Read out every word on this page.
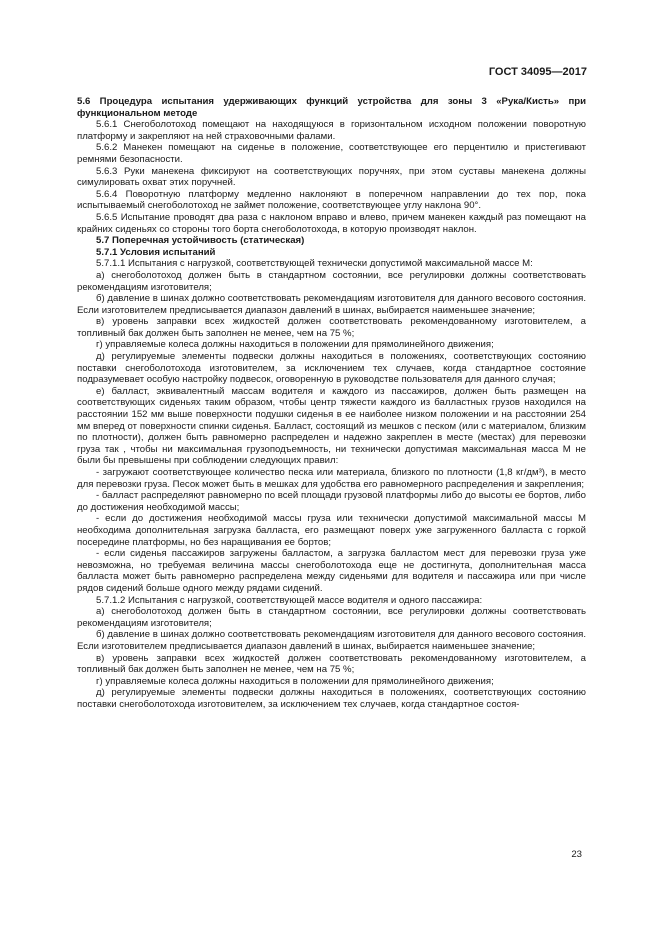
ГОСТ 34095—2017

5.6 Процедура испытания удерживающих функций устройства для зоны 3 «Рука/Кисть» при функциональном методе

5.6.1 Снегоболотоход помещают на находящуюся в горизонтальном исходном положении поворотную платформу и закрепляют на ней страховочными фалами.

5.6.2 Манекен помещают на сиденье в положение, соответствующее его перцентилю и пристегивают ремнями безопасности.

5.6.3 Руки манекена фиксируют на соответствующих поручнях, при этом суставы манекена должны симулировать охват этих поручней.

5.6.4 Поворотную платформу медленно наклоняют в поперечном направлении до тех пор, пока испытываемый снегоболотоход не займет положение, соответствующее углу наклона 90°.

5.6.5 Испытание проводят два раза с наклоном вправо и влево, причем манекен каждый раз помещают на крайних сиденьях со стороны того борта снегоболотохода, в которую производят наклон.

5.7 Поперечная устойчивость (статическая)

5.7.1 Условия испытаний

5.7.1.1 Испытания с нагрузкой, соответствующей технически допустимой максимальной массе М:

а) снегоболотоход должен быть в стандартном состоянии, все регулировки должны соответствовать рекомендациям изготовителя;

б) давление в шинах должно соответствовать рекомендациям изготовителя для данного весового состояния. Если изготовителем предписывается диапазон давлений в шинах, выбирается наименьшее значение;

в) уровень заправки всех жидкостей должен соответствовать рекомендованному изготовителем, а топливный бак должен быть заполнен не менее, чем на 75 %;

г) управляемые колеса должны находиться в положении для прямолинейного движения;

д) регулируемые элементы подвески должны находиться в положениях, соответствующих состоянию поставки снегоболотохода изготовителем, за исключением тех случаев, когда стандартное состояние подразумевает особую настройку подвесок, оговоренную в руководстве пользователя для данного случая;

е) балласт, эквивалентный массам водителя и каждого из пассажиров, должен быть размещен на соответствующих сиденьях таким образом, чтобы центр тяжести каждого из балластных грузов находился на расстоянии 152 мм выше поверхности подушки сиденья в ее наиболее низком положении и на расстоянии 254 мм вперед от поверхности спинки сиденья. Балласт, состоящий из мешков с песком (или с материалом, близким по плотности), должен быть равномерно распределен и надежно закреплен в месте (местах) для перевозки груза так , чтобы ни максимальная грузоподъемность, ни технически допустимая максимальная масса М не были бы превышены при соблюдении следующих правил:

- загружают соответствующее количество песка или материала, близкого по плотности (1,8 кг/дм³), в место для перевозки груза. Песок может быть в мешках для удобства его равномерного распределения и закрепления;

- балласт распределяют равномерно по всей площади грузовой платформы либо до высоты ее бортов, либо до достижения необходимой массы;

- если до достижения необходимой массы груза или технически допустимой максимальной массы М необходима дополнительная загрузка балласта, его размещают поверх уже загруженного балласта с горкой посередине платформы, но без наращивания ее бортов;

- если сиденья пассажиров загружены балластом, а загрузка балластом мест для перевозки груза уже невозможна, но требуемая величина массы снегоболотохода еще не достигнута, дополнительная масса балласта может быть равномерно распределена между сиденьями для водителя и пассажира или при числе рядов сидений больше одного между рядами сидений.

5.7.1.2 Испытания с нагрузкой, соответствующей массе водителя и одного пассажира:

а) снегоболотоход должен быть в стандартном состоянии, все регулировки должны соответствовать рекомендациям изготовителя;

б) давление в шинах должно соответствовать рекомендациям изготовителя для данного весового состояния. Если изготовителем предписывается диапазон давлений в шинах, выбирается наименьшее значение;

в) уровень заправки всех жидкостей должен соответствовать рекомендованному изготовителем, а топливный бак должен быть заполнен не менее, чем на 75 %;

г) управляемые колеса должны находиться в положении для прямолинейного движения;

д) регулируемые элементы подвески должны находиться в положениях, соответствующих состоянию поставки снегоболотохода изготовителем, за исключением тех случаев, когда стандартное состоя-

23
